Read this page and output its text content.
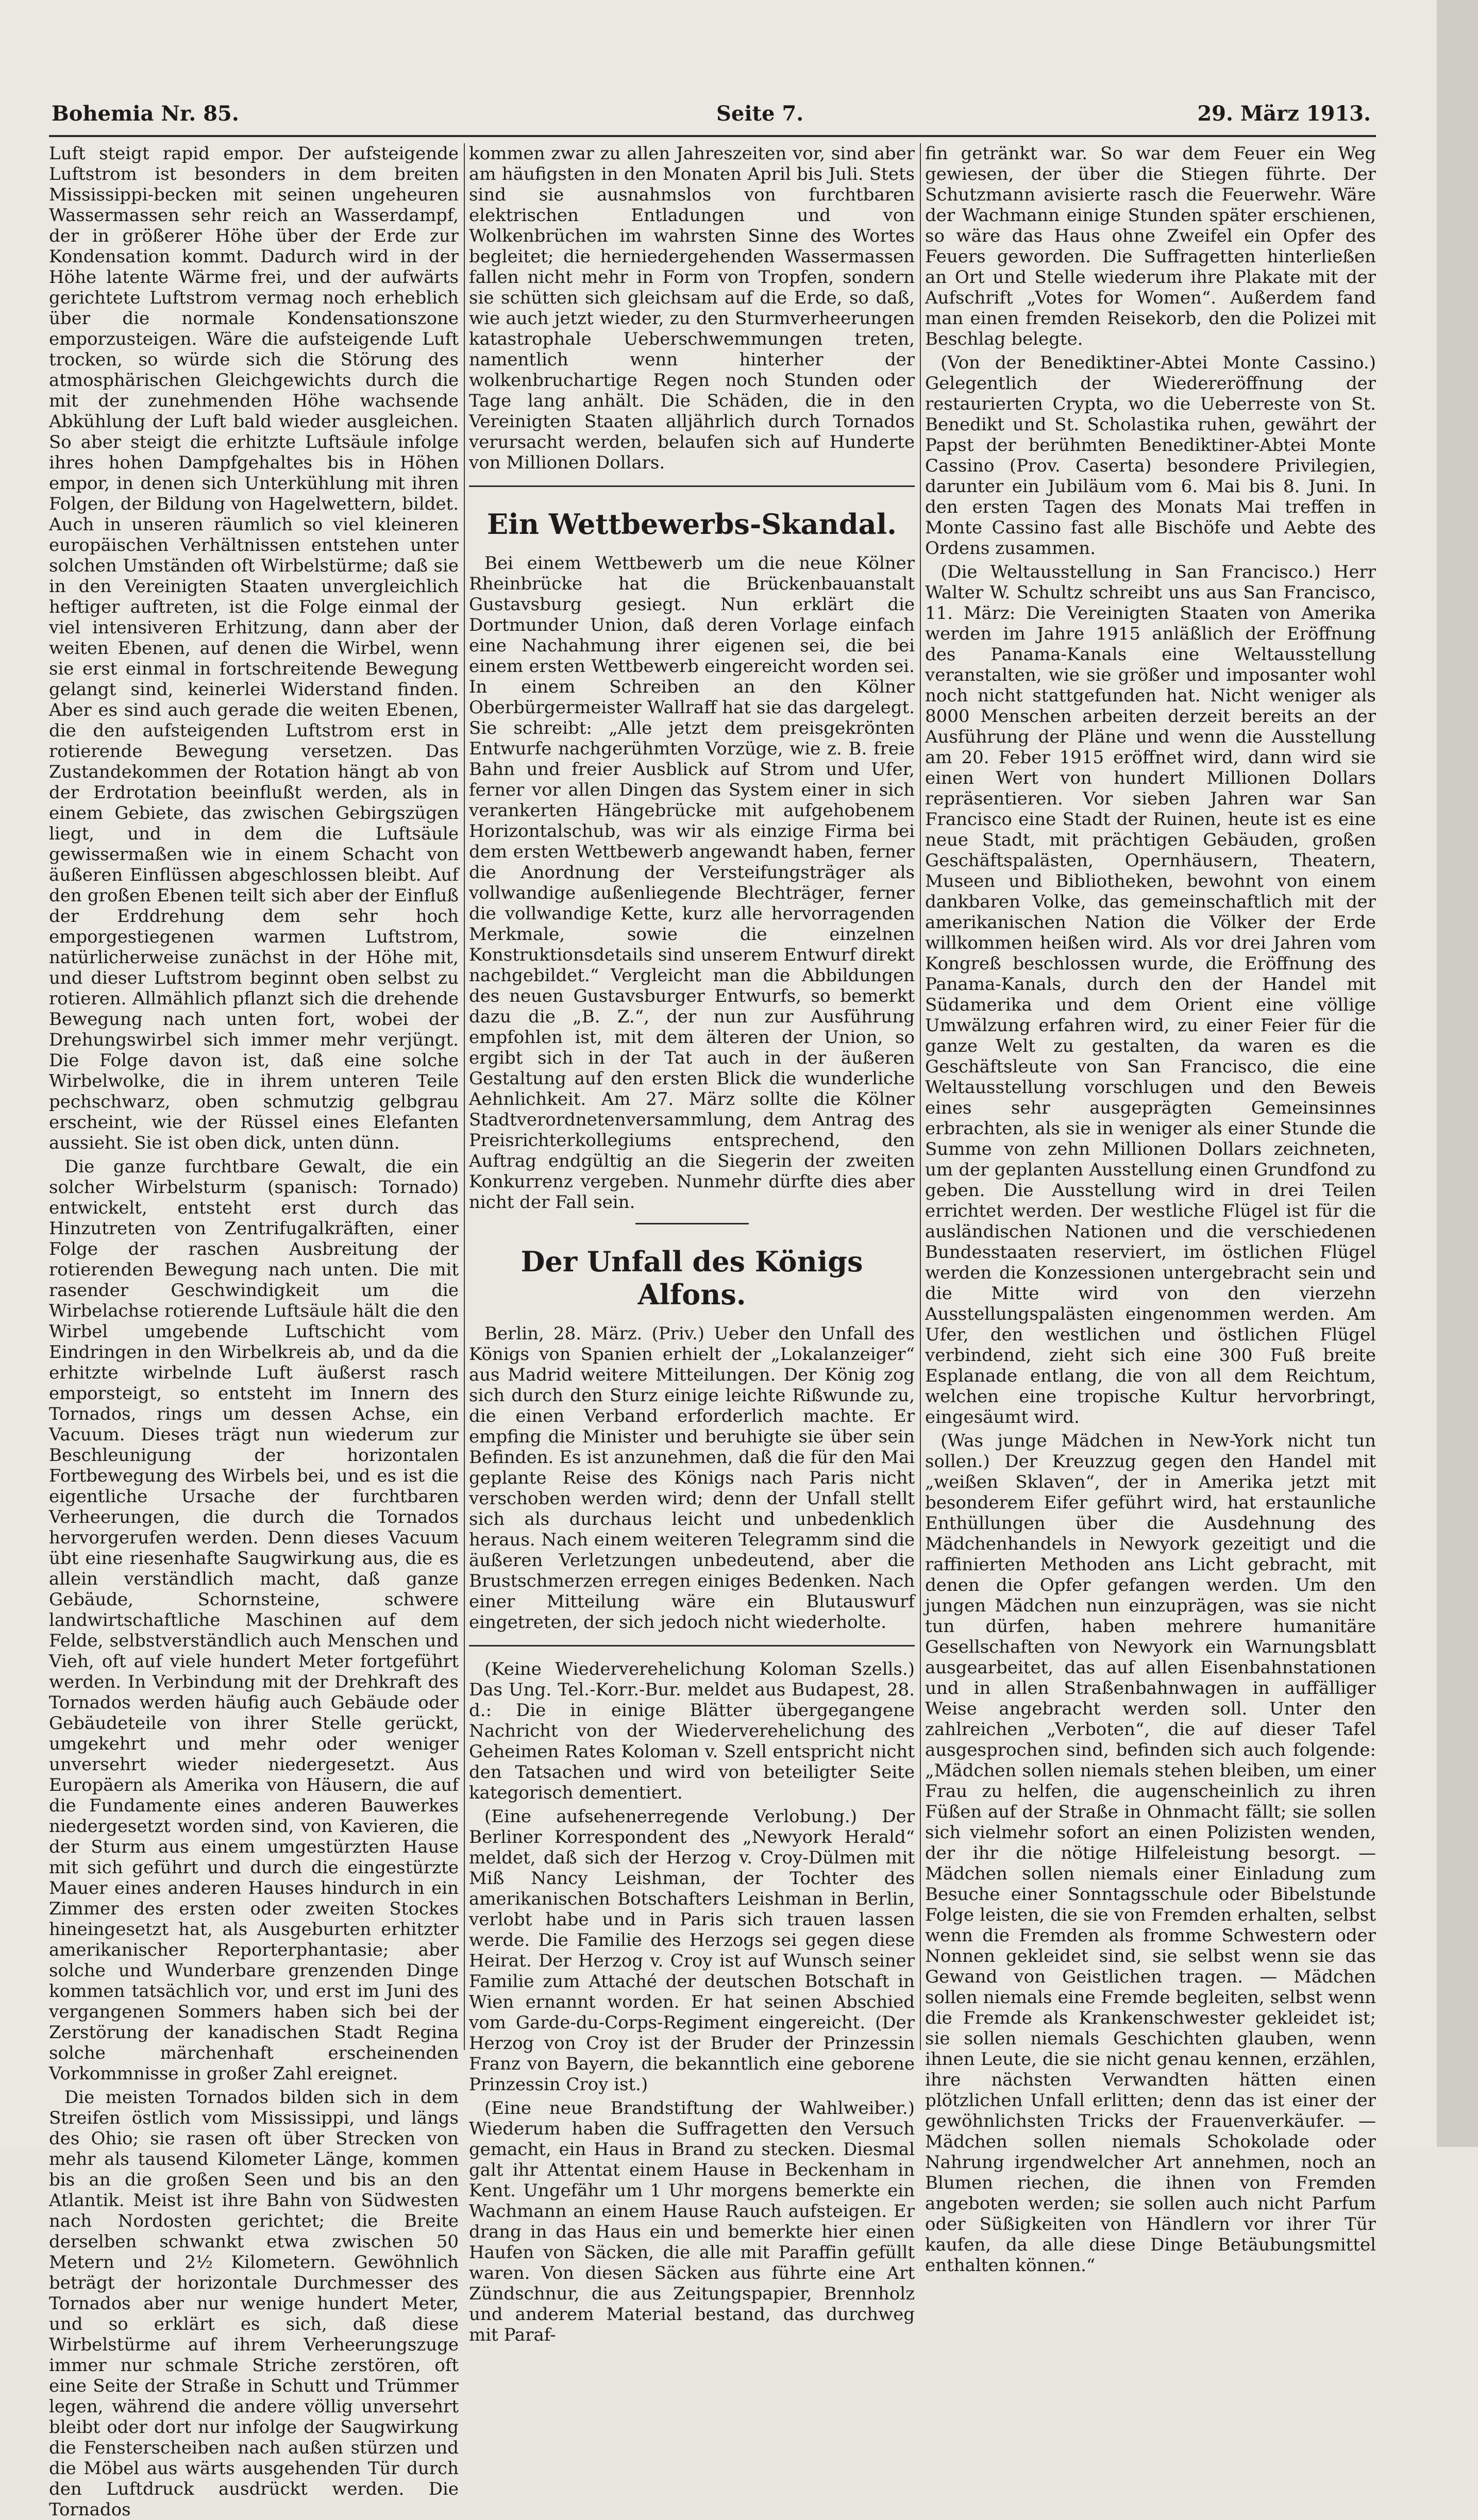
Bohemia Nr. 85.	Seite 7.	29. März 1913.

Luft steigt rapid empor. Der aufsteigende Luftstrom ist besonders in dem breiten Mississippi-becken mit seinen ungeheuren Wassermassen sehr reich an Wasserdampf, der in größerer Höhe über der Erde zur Kondensation kommt. Dadurch wird in der Höhe latente Wärme frei, und der aufwärts gerichtete Luftstrom vermag noch erheblich über die normale Kondensationszone emporzusteigen. Wäre die aufsteigende Luft trocken, so würde sich die Störung des atmosphärischen Gleichgewichts durch die mit der zunehmenden Höhe wachsende Abkühlung der Luft bald wieder ausgleichen. So aber steigt die erhitzte Luftsäule infolge ihres hohen Dampfgehaltes bis in Höhen empor, in denen sich Unterkühlung mit ihren Folgen, der Bildung von Hagelwettern, bildet. Auch in unseren räumlich so viel kleineren europäischen Verhältnissen entstehen unter solchen Umständen oft Wirbelstürme; daß sie in den Vereinigten Staaten unvergleichlich heftiger auftreten, ist die Folge einmal der viel intensiveren Erhitzung, dann aber der weiten Ebenen, auf denen die Wirbel, wenn sie erst einmal in fortschreitende Bewegung gelangt sind, keinerlei Widerstand finden. Aber es sind auch gerade die weiten Ebenen, die den aufsteigenden Luftstrom erst in rotierende Bewegung versetzen. Das Zustandekommen der Rotation hängt ab von der Erdrotation beeinflußt werden, als in einem Gebiete, das zwischen Gebirgszügen liegt, und in dem die Luftsäule gewissermaßen wie in einem Schacht von äußeren Einflüssen abgeschlossen bleibt. Auf den großen Ebenen teilt sich aber der Einfluß der Erddrehung dem sehr hoch emporgestiegenen warmen Luftstrom, natürlicherweise zunächst in der Höhe mit, und dieser Luftstrom beginnt oben selbst zu rotieren. Allmählich pflanzt sich die drehende Bewegung nach unten fort, wobei der Drehungswirbel sich immer mehr verjüngt. Die Folge davon ist, daß eine solche Wirbelwolke, die in ihrem unteren Teile pechschwarz, oben schmutzig gelbgrau erscheint, wie der Rüssel eines Elefanten aussieht. Sie ist oben dick, unten dünn.

Die ganze furchtbare Gewalt, die ein solcher Wirbelsturm (spanisch: Tornado) entwickelt, entsteht erst durch das Hinzutreten von Zentrifugalkräften, einer Folge der raschen Ausbreitung der rotierenden Bewegung nach unten. Die mit rasender Geschwindigkeit um die Wirbelachse rotierende Luftsäule hält die den Wirbel umgebende Luftschicht vom Eindringen in den Wirbelkreis ab, und da die erhitzte wirbelnde Luft äußerst rasch emporsteigt, so entsteht im Innern des Tornados, rings um dessen Achse, ein Vacuum. Dieses trägt nun wiederum zur Beschleunigung der horizontalen Fortbewegung des Wirbels bei, und es ist die eigentliche Ursache der furchtbaren Verheerungen, die durch die Tornados hervorgerufen werden. Denn dieses Vacuum übt eine riesenhafte Saugwirkung aus, die es allein verständlich macht, daß ganze Gebäude, Schornsteine, schwere landwirtschaftliche Maschinen auf dem Felde, selbstverständlich auch Menschen und Vieh, oft auf viele hundert Meter fortgeführt werden. In Verbindung mit der Drehkraft des Tornados werden häufig auch Gebäude oder Gebäudeteile von ihrer Stelle gerückt, umgekehrt und mehr oder weniger unversehrt wieder niedergesetzt. Aus Europäern als Amerika von Häusern, die auf die Fundamente eines anderen Bauwerkes niedergesetzt worden sind, von Kavieren, die der Sturm aus einem umgestürzten Hause mit sich geführt und durch die eingestürzte Mauer eines anderen Hauses hindurch in ein Zimmer des ersten oder zweiten Stockes hineingesetzt hat, als Ausgeburten erhitzter amerikanischer Reporterphantasie; aber solche und Wunderbare grenzenden Dinge kommen tatsächlich vor, und erst im Juni des vergangenen Sommers haben sich bei der Zerstörung der kanadischen Stadt Regina solche märchenhaft erscheinenden Vorkommnisse in großer Zahl ereignet.

Die meisten Tornados bilden sich in dem Streifen östlich vom Mississippi, und längs des Ohio; sie rasen oft über Strecken von mehr als tausend Kilometer Länge, kommen bis an die großen Seen und bis an den Atlantik. Meist ist ihre Bahn von Südwesten nach Nordosten gerichtet; die Breite derselben schwankt etwa zwischen 50 Metern und 2½ Kilometern. Gewöhnlich beträgt der horizontale Durchmesser des Tornados aber nur wenige hundert Meter, und so erklärt es sich, daß diese Wirbelstürme auf ihrem Verheerungszuge immer nur schmale Striche zerstören, oft eine Seite der Straße in Schutt und Trümmer legen, während die andere völlig unversehrt bleibt oder dort nur infolge der Saugwirkung die Fensterscheiben nach außen stürzen und die Möbel aus wärts ausgehenden Tür durch den Luftdruck ausdrückt werden. Die Tornados

kommen zwar zu allen Jahreszeiten vor, sind aber am häufigsten in den Monaten April bis Juli. Stets sind sie ausnahmslos von furchtbaren elektrischen Entladungen und von Wolkenbrüchen im wahrsten Sinne des Wortes begleitet; die herniedergehenden Wassermassen fallen nicht mehr in Form von Tropfen, sondern sie schütten sich gleichsam auf die Erde, so daß, wie auch jetzt wieder, zu den Sturmverheerungen katastrophale Ueberschwemmungen treten, namentlich wenn hinterher der wolkenbruchartige Regen noch Stunden oder Tage lang anhält. Die Schäden, die in den Vereinigten Staaten alljährlich durch Tornados verursacht werden, belaufen sich auf Hunderte von Millionen Dollars.

Ein Wettbewerbs-Skandal.

Bei einem Wettbewerb um die neue Kölner Rheinbrücke hat die Brückenbauanstalt Gustavsburg gesiegt. Nun erklärt die Dortmunder Union, daß deren Vorlage einfach eine Nachahmung ihrer eigenen sei, die bei einem ersten Wettbewerb eingereicht worden sei. In einem Schreiben an den Kölner Oberbürgermeister Wallraff hat sie das dargelegt. Sie schreibt: „Alle jetzt dem preisgekrönten Entwurfe nachgerühmten Vorzüge, wie z. B. freie Bahn und freier Ausblick auf Strom und Ufer, ferner vor allen Dingen das System einer in sich verankerten Hängebrücke mit aufgehobenem Horizontalschub, was wir als einzige Firma bei dem ersten Wettbewerb angewandt haben, ferner die Anordnung der Versteifungsträger als vollwandige außenliegende Blechträger, ferner die vollwandige Kette, kurz alle hervorragenden Merkmale, sowie die einzelnen Konstruktionsdetails sind unserem Entwurf direkt nachgebildet.“ Vergleicht man die Abbildungen des neuen Gustavsburger Entwurfs, so bemerkt dazu die „B. Z.“, der nun zur Ausführung empfohlen ist, mit dem älteren der Union, so ergibt sich in der Tat auch in der äußeren Gestaltung auf den ersten Blick die wunderliche Aehnlichkeit. Am 27. März sollte die Kölner Stadtverordnetenversammlung, dem Antrag des Preisrichterkollegiums entsprechend, den Auftrag endgültig an die Siegerin der zweiten Konkurrenz vergeben. Nunmehr dürfte dies aber nicht der Fall sein.

Der Unfall des Königs Alfons.

Berlin, 28. März. (Priv.) Ueber den Unfall des Königs von Spanien erhielt der „Lokalanzeiger“ aus Madrid weitere Mitteilungen. Der König zog sich durch den Sturz einige leichte Rißwunde zu, die einen Verband erforderlich machte. Er empfing die Minister und beruhigte sie über sein Befinden. Es ist anzunehmen, daß die für den Mai geplante Reise des Königs nach Paris nicht verschoben werden wird; denn der Unfall stellt sich als durchaus leicht und unbedenklich heraus. Nach einem weiteren Telegramm sind die äußeren Verletzungen unbedeutend, aber die Brustschmerzen erregen einiges Bedenken. Nach einer Mitteilung wäre ein Blutauswurf eingetreten, der sich jedoch nicht wiederholte.

(Keine Wiederverehelichung Koloman Szells.) Das Ung. Tel.-Korr.-Bur. meldet aus Budapest, 28. d.: Die in einige Blätter übergegangene Nachricht von der Wiederverehelichung des Geheimen Rates Koloman v. Szell entspricht nicht den Tatsachen und wird von beteiligter Seite kategorisch dementiert.

(Eine aufsehenerregende Verlobung.) Der Berliner Korrespondent des „Newyork Herald“ meldet, daß sich der Herzog v. Croy-Dülmen mit Miß Nancy Leishman, der Tochter des amerikanischen Botschafters Leishman in Berlin, verlobt habe und in Paris sich trauen lassen werde. Die Familie des Herzogs sei gegen diese Heirat. Der Herzog v. Croy ist auf Wunsch seiner Familie zum Attaché der deutschen Botschaft in Wien ernannt worden. Er hat seinen Abschied vom Garde-du-Corps-Regiment eingereicht. (Der Herzog von Croy ist der Bruder der Prinzessin Franz von Bayern, die bekanntlich eine geborene Prinzessin Croy ist.)

(Eine neue Brandstiftung der Wahlweiber.) Wiederum haben die Suffragetten den Versuch gemacht, ein Haus in Brand zu stecken. Diesmal galt ihr Attentat einem Hause in Beckenham in Kent. Ungefähr um 1 Uhr morgens bemerkte ein Wachmann an einem Hause Rauch aufsteigen. Er drang in das Haus ein und bemerkte hier einen Haufen von Säcken, die alle mit Paraffin gefüllt waren. Von diesen Säcken aus führte eine Art Zündschnur, die aus Zeitungspapier, Brennholz und anderem Material bestand, das durchweg mit Paraf-

fin getränkt war. So war dem Feuer ein Weg gewiesen, der über die Stiegen führte. Der Schutzmann avisierte rasch die Feuerwehr. Wäre der Wachmann einige Stunden später erschienen, so wäre das Haus ohne Zweifel ein Opfer des Feuers geworden. Die Suffragetten hinterließen an Ort und Stelle wiederum ihre Plakate mit der Aufschrift „Votes for Women“. Außerdem fand man einen fremden Reisekorb, den die Polizei mit Beschlag belegte.

(Von der Benediktiner-Abtei Monte Cassino.) Gelegentlich der Wiedereröffnung der restaurierten Crypta, wo die Ueberreste von St. Benedikt und St. Scholastika ruhen, gewährt der Papst der berühmten Benediktiner-Abtei Monte Cassino (Prov. Caserta) besondere Privilegien, darunter ein Jubiläum vom 6. Mai bis 8. Juni. In den ersten Tagen des Monats Mai treffen in Monte Cassino fast alle Bischöfe und Aebte des Ordens zusammen.

(Die Weltausstellung in San Francisco.) Herr Walter W. Schultz schreibt uns aus San Francisco, 11. März: Die Vereinigten Staaten von Amerika werden im Jahre 1915 anläßlich der Eröffnung des Panama-Kanals eine Weltausstellung veranstalten, wie sie größer und imposanter wohl noch nicht stattgefunden hat. Nicht weniger als 8000 Menschen arbeiten derzeit bereits an der Ausführung der Pläne und wenn die Ausstellung am 20. Feber 1915 eröffnet wird, dann wird sie einen Wert von hundert Millionen Dollars repräsentieren. Vor sieben Jahren war San Francisco eine Stadt der Ruinen, heute ist es eine neue Stadt, mit prächtigen Gebäuden, großen Geschäftspalästen, Opernhäusern, Theatern, Museen und Bibliotheken, bewohnt von einem dankbaren Volke, das gemeinschaftlich mit der amerikanischen Nation die Völker der Erde willkommen heißen wird. Als vor drei Jahren vom Kongreß beschlossen wurde, die Eröffnung des Panama-Kanals, durch den der Handel mit Südamerika und dem Orient eine völlige Umwälzung erfahren wird, zu einer Feier für die ganze Welt zu gestalten, da waren es die Geschäftsleute von San Francisco, die eine Weltausstellung vorschlugen und den Beweis eines sehr ausgeprägten Gemeinsinnes erbrachten, als sie in weniger als einer Stunde die Summe von zehn Millionen Dollars zeichneten, um der geplanten Ausstellung einen Grundfond zu geben. Die Ausstellung wird in drei Teilen errichtet werden. Der westliche Flügel ist für die ausländischen Nationen und die verschiedenen Bundesstaaten reserviert, im östlichen Flügel werden die Konzessionen untergebracht sein und die Mitte wird von den vierzehn Ausstellungspalästen eingenommen werden. Am Ufer, den westlichen und östlichen Flügel verbindend, zieht sich eine 300 Fuß breite Esplanade entlang, die von all dem Reichtum, welchen eine tropische Kultur hervorbringt, eingesäumt wird.

(Was junge Mädchen in New-York nicht tun sollen.) Der Kreuzzug gegen den Handel mit „weißen Sklaven“, der in Amerika jetzt mit besonderem Eifer geführt wird, hat erstaunliche Enthüllungen über die Ausdehnung des Mädchenhandels in Newyork gezeitigt und die raffinierten Methoden ans Licht gebracht, mit denen die Opfer gefangen werden. Um den jungen Mädchen nun einzuprägen, was sie nicht tun dürfen, haben mehrere humanitäre Gesellschaften von Newyork ein Warnungsblatt ausgearbeitet, das auf allen Eisenbahnstationen und in allen Straßenbahnwagen in auffälliger Weise angebracht werden soll. Unter den zahlreichen „Verboten“, die auf dieser Tafel ausgesprochen sind, befinden sich auch folgende: „Mädchen sollen niemals stehen bleiben, um einer Frau zu helfen, die augenscheinlich zu ihren Füßen auf der Straße in Ohnmacht fällt; sie sollen sich vielmehr sofort an einen Polizisten wenden, der ihr die nötige Hilfeleistung besorgt. — Mädchen sollen niemals einer Einladung zum Besuche einer Sonntagsschule oder Bibelstunde Folge leisten, die sie von Fremden erhalten, selbst wenn die Fremden als fromme Schwestern oder Nonnen gekleidet sind, sie selbst wenn sie das Gewand von Geistlichen tragen. — Mädchen sollen niemals eine Fremde begleiten, selbst wenn die Fremde als Krankenschwester gekleidet ist; sie sollen niemals Geschichten glauben, wenn ihnen Leute, die sie nicht genau kennen, erzählen, ihre nächsten Verwandten hätten einen plötzlichen Unfall erlitten; denn das ist einer der gewöhnlichsten Tricks der Frauenverkäufer. — Mädchen sollen niemals Schokolade oder Nahrung irgendwelcher Art annehmen, noch an Blumen riechen, die ihnen von Fremden angeboten werden; sie sollen auch nicht Parfum oder Süßigkeiten von Händlern vor ihrer Tür kaufen, da alle diese Dinge Betäubungsmittel enthalten können.“
